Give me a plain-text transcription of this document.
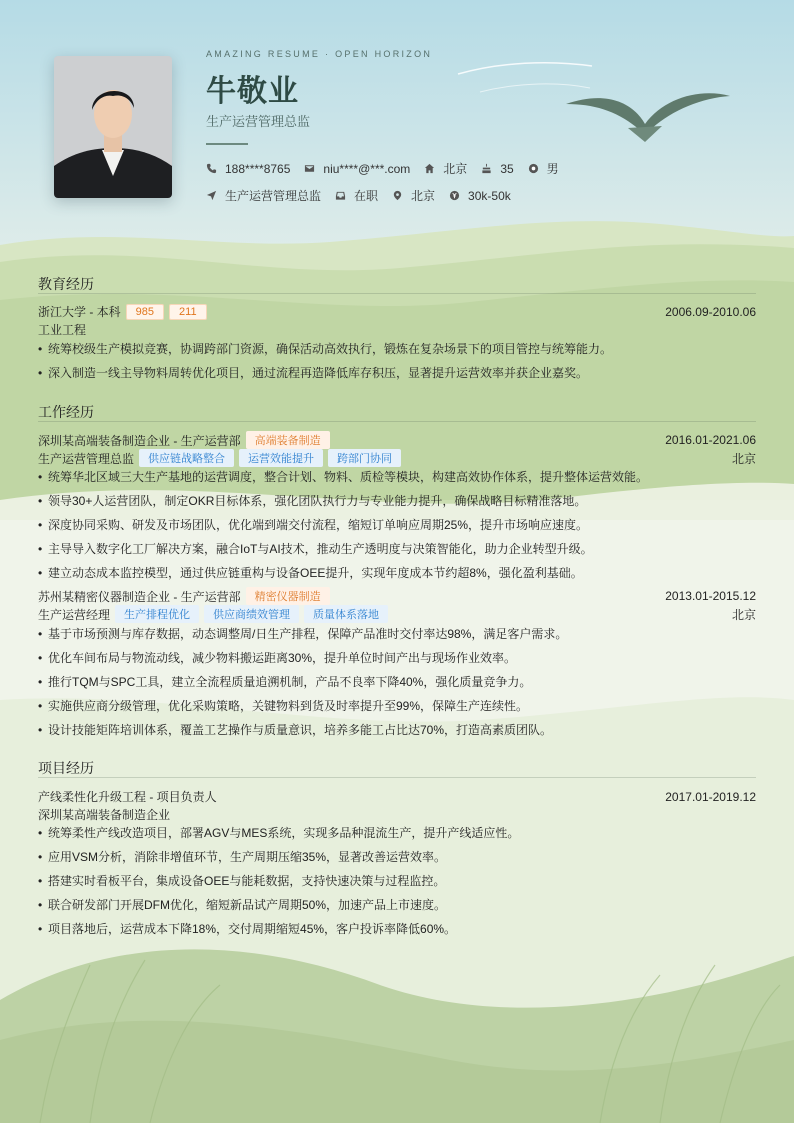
AMAZING RESUME · OPEN HORIZON
牛敬业
生产运营管理总监
188****8765	niu****@***.com	北京	35	男
生产运营管理总监	在职	北京	30k-50k
教育经历
浙江大学 - 本科	985	211	2006.09-2010.06
工业工程
• 统筹校级生产模拟竞赛，协调跨部门资源，确保活动高效执行，锻炼在复杂场景下的项目管控与统筹能力。
• 深入制造一线主导物料周转优化项目，通过流程再造降低库存积压，显著提升运营效率并获企业嘉奖。
工作经历
深圳某高端装备制造企业 - 生产运营部	高端装备制造	2016.01-2021.06
生产运营管理总监	供应链战略整合	运营效能提升	跨部门协同	北京
• 统筹华北区域三大生产基地的运营调度，整合计划、物料、质检等模块，构建高效协作体系，提升整体运营效能。
• 领导30+人运营团队，制定OKR目标体系，强化团队执行力与专业能力提升，确保战略目标精准落地。
• 深度协同采购、研发及市场团队，优化端到端交付流程，缩短订单响应周期25%，提升市场响应速度。
• 主导导入数字化工厂解决方案，融合IoT与AI技术，推动生产透明度与决策智能化，助力企业转型升级。
• 建立动态成本监控模型，通过供应链重构与设备OEE提升，实现年度成本节约超8%，强化盈利基础。
苏州某精密仪器制造企业 - 生产运营部	精密仪器制造	2013.01-2015.12
生产运营经理	生产排程优化	供应商绩效管理	质量体系落地	北京
• 基于市场预测与库存数据，动态调整周/日生产排程，保障产品准时交付率达98%，满足客户需求。
• 优化车间布局与物流动线，减少物料搬运距离30%，提升单位时间产出与现场作业效率。
• 推行TQM与SPC工具，建立全流程质量追溯机制，产品不良率下降40%，强化质量竞争力。
• 实施供应商分级管理，优化采购策略，关键物料到货及时率提升至99%，保障生产连续性。
• 设计技能矩阵培训体系，覆盖工艺操作与质量意识，培养多能工占比达70%，打造高素质团队。
项目经历
产线柔性化升级工程 - 项目负责人	2017.01-2019.12
深圳某高端装备制造企业
• 统筹柔性产线改造项目，部署AGV与MES系统，实现多品种混流生产，提升产线适应性。
• 应用VSM分析，消除非增值环节，生产周期压缩35%，显著改善运营效率。
• 搭建实时看板平台，集成设备OEE与能耗数据，支持快速决策与过程监控。
• 联合研发部门开展DFM优化，缩短新品试产周期50%，加速产品上市速度。
• 项目落地后，运营成本下降18%，交付周期缩短45%，客户投诉率降低60%。
